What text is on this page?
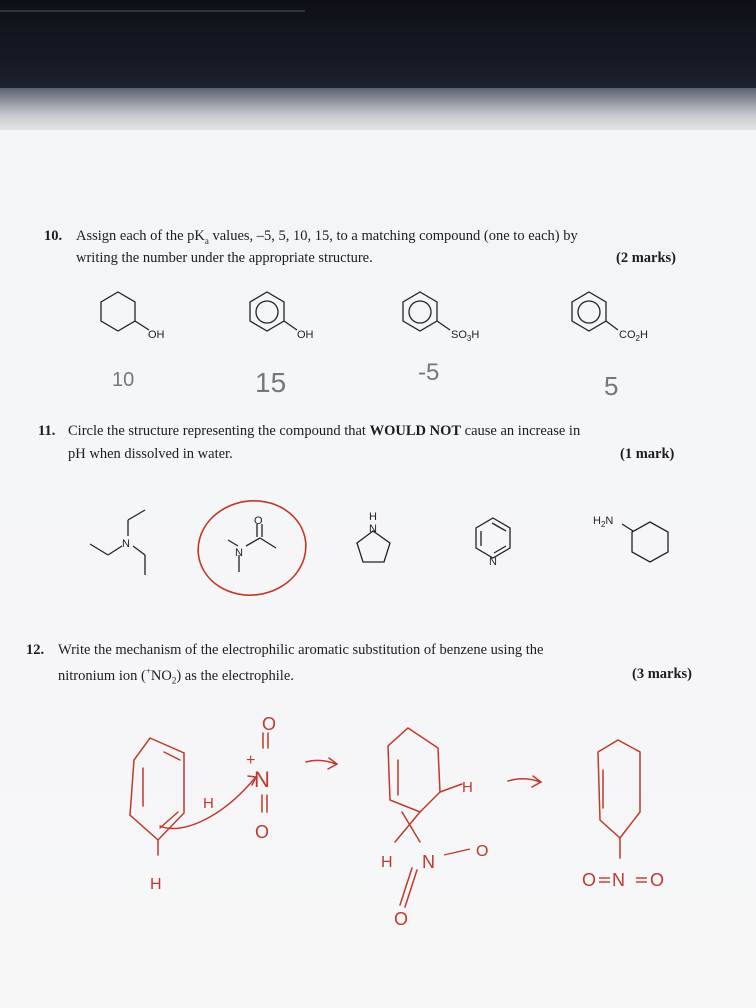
10. Assign each of the $pK_a$ values, –5, 5, 10, 15, to a matching compound (one to each) by
writing the number under the appropriate structure.	(2 marks)
11. Circle the structure representing the compound that WOULD NOT cause an increase in
pH when dissolved in water.	(1 mark)
12. Write the mechanism of the electrophilic aromatic substitution of benzene using the
nitronium ion $(^+NO_2)$ as the electrophile.	(3 marks)
OH	OH	$SO_3H$	$CO_2H$
10	15	-5	5
N
N
O	H
N
N
$H_2N$
O
N
O
+
H
H
H
H N
O
O
O N O
